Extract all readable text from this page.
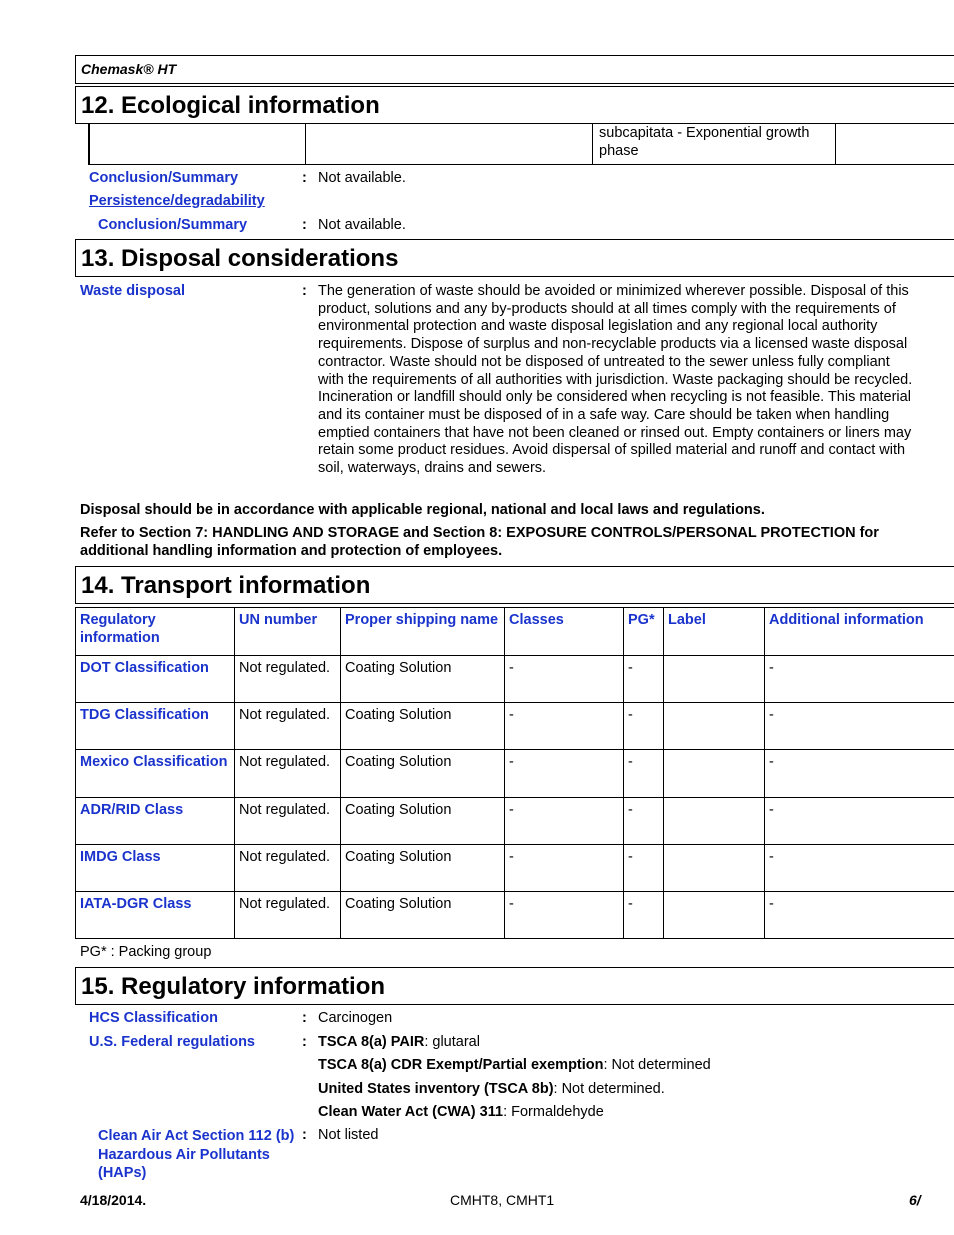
Chemask® HT
12. Ecological information
subcapitata - Exponential growth phase
Conclusion/Summary	: Not available.
Persistence/degradability
Conclusion/Summary	: Not available.
13. Disposal considerations
Waste disposal	: The generation of waste should be avoided or minimized wherever possible. Disposal of this product, solutions and any by-products should at all times comply with the requirements of environmental protection and waste disposal legislation and any regional local authority requirements. Dispose of surplus and non-recyclable products via a licensed waste disposal contractor. Waste should not be disposed of untreated to the sewer unless fully compliant with the requirements of all authorities with jurisdiction. Waste packaging should be recycled. Incineration or landfill should only be considered when recycling is not feasible. This material and its container must be disposed of in a safe way. Care should be taken when handling emptied containers that have not been cleaned or rinsed out. Empty containers or liners may retain some product residues. Avoid dispersal of spilled material and runoff and contact with soil, waterways, drains and sewers.
Disposal should be in accordance with applicable regional, national and local laws and regulations.
Refer to Section 7: HANDLING AND STORAGE and Section 8: EXPOSURE CONTROLS/PERSONAL PROTECTION for additional handling information and protection of employees.
14. Transport information
Regulatory information	UN number	Proper shipping name	Classes	PG*	Label	Additional information
DOT Classification	Not regulated.	Coating Solution	-	-		-
TDG Classification	Not regulated.	Coating Solution	-	-		-
Mexico Classification	Not regulated.	Coating Solution	-	-		-
ADR/RID Class	Not regulated.	Coating Solution	-	-		-
IMDG Class	Not regulated.	Coating Solution	-	-		-
IATA-DGR Class	Not regulated.	Coating Solution	-	-		-
PG* : Packing group
15. Regulatory information
HCS Classification	: Carcinogen
U.S. Federal regulations	: TSCA 8(a) PAIR: glutaral
TSCA 8(a) CDR Exempt/Partial exemption: Not determined
United States inventory (TSCA 8b): Not determined.
Clean Water Act (CWA) 311: Formaldehyde
Clean Air Act Section 112 (b) Hazardous Air Pollutants (HAPs)
: Not listed
4/18/2014.	CMHT8, CMHT1	6/
